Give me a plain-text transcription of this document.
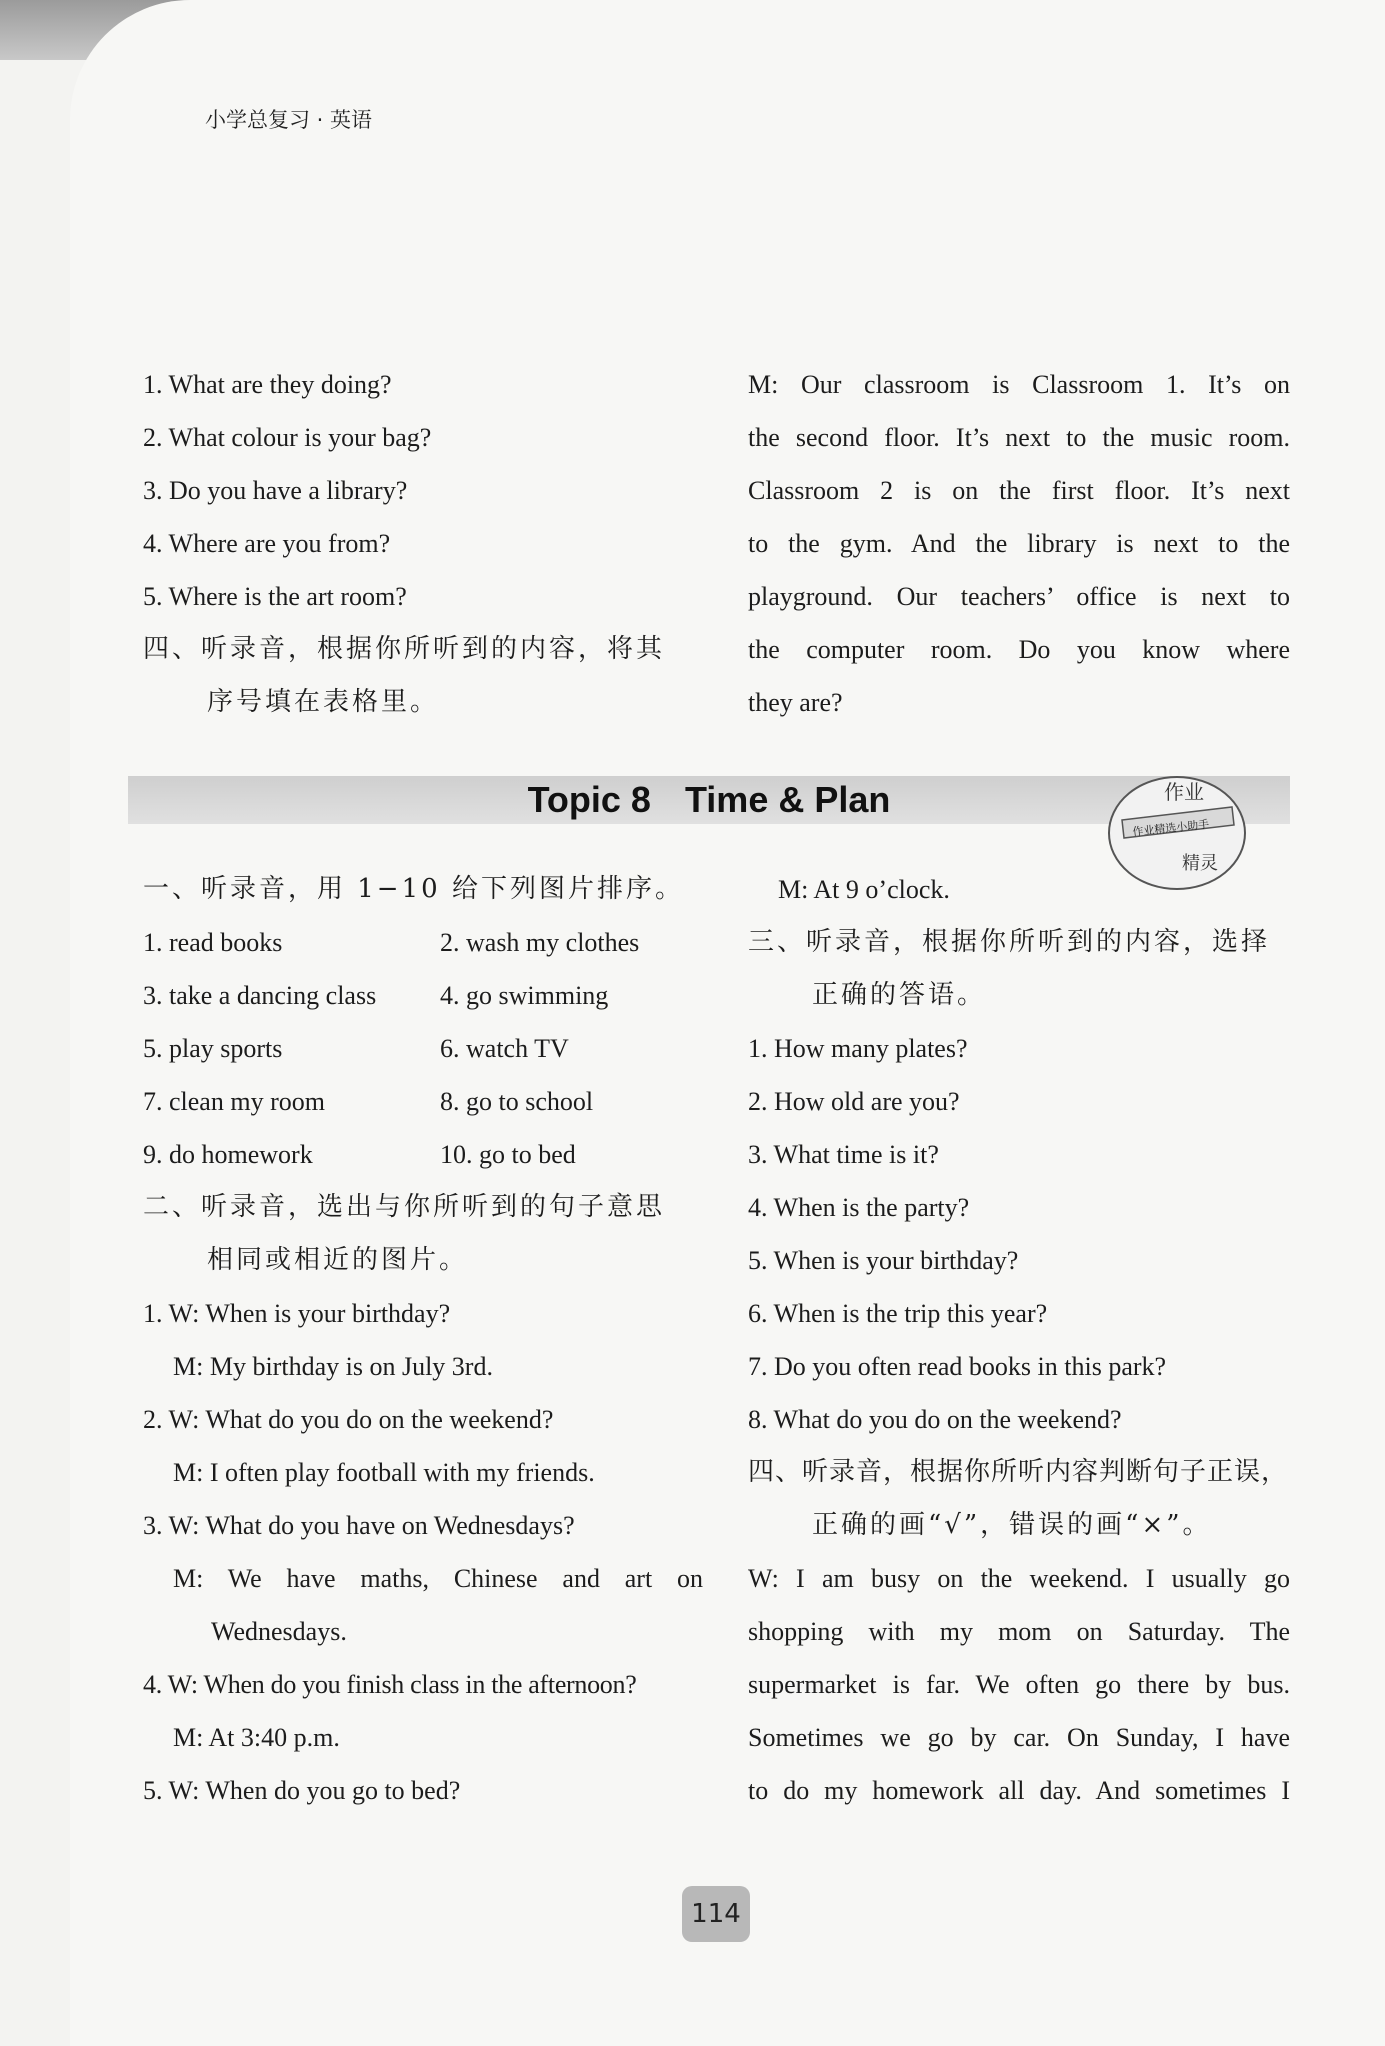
小学总复习 · 英语
1. What are they doing?
2. What colour is your bag?
3. Do you have a library?
4. Where are you from?
5. Where is the art room?
四、听录音，根据你所听到的内容，将其
序号填在表格里。
M: Our classroom is Classroom 1. It’s on
the second floor. It’s next to the music room.
Classroom 2 is on the first floor. It’s next
to the gym. And the library is next to the
playground. Our teachers’ office is next to
the computer room. Do you know where
they are?
Topic 8 Time & Plan	作业
作业精选小助手
精灵
一、听录音，用 1−10 给下列图片排序。
1. read books	2. wash my clothes
3. take a dancing class	4. go swimming
5. play sports	6. watch TV
7. clean my room	8. go to school
9. do homework	10. go to bed
二、听录音，选出与你所听到的句子意思
相同或相近的图片。
1. W: When is your birthday?
M: My birthday is on July 3rd.
2. W: What do you do on the weekend?
M: I often play football with my friends.
3. W: What do you have on Wednesdays?
M: We have maths, Chinese and art on
Wednesdays.
4. W: When do you finish class in the afternoon?
M: At 3:40 p.m.
5. W: When do you go to bed?
M: At 9 o’clock.
三、听录音，根据你所听到的内容，选择
正确的答语。
1. How many plates?
2. How old are you?
3. What time is it?
4. When is the party?
5. When is your birthday?
6. When is the trip this year?
7. Do you often read books in this park?
8. What do you do on the weekend?
四、听录音，根据你所听内容判断句子正误，
正确的画“√”，错误的画“×”。
W: I am busy on the weekend. I usually go
shopping with my mom on Saturday. The
supermarket is far. We often go there by bus.
Sometimes we go by car. On Sunday, I have
to do my homework all day. And sometimes I
114
